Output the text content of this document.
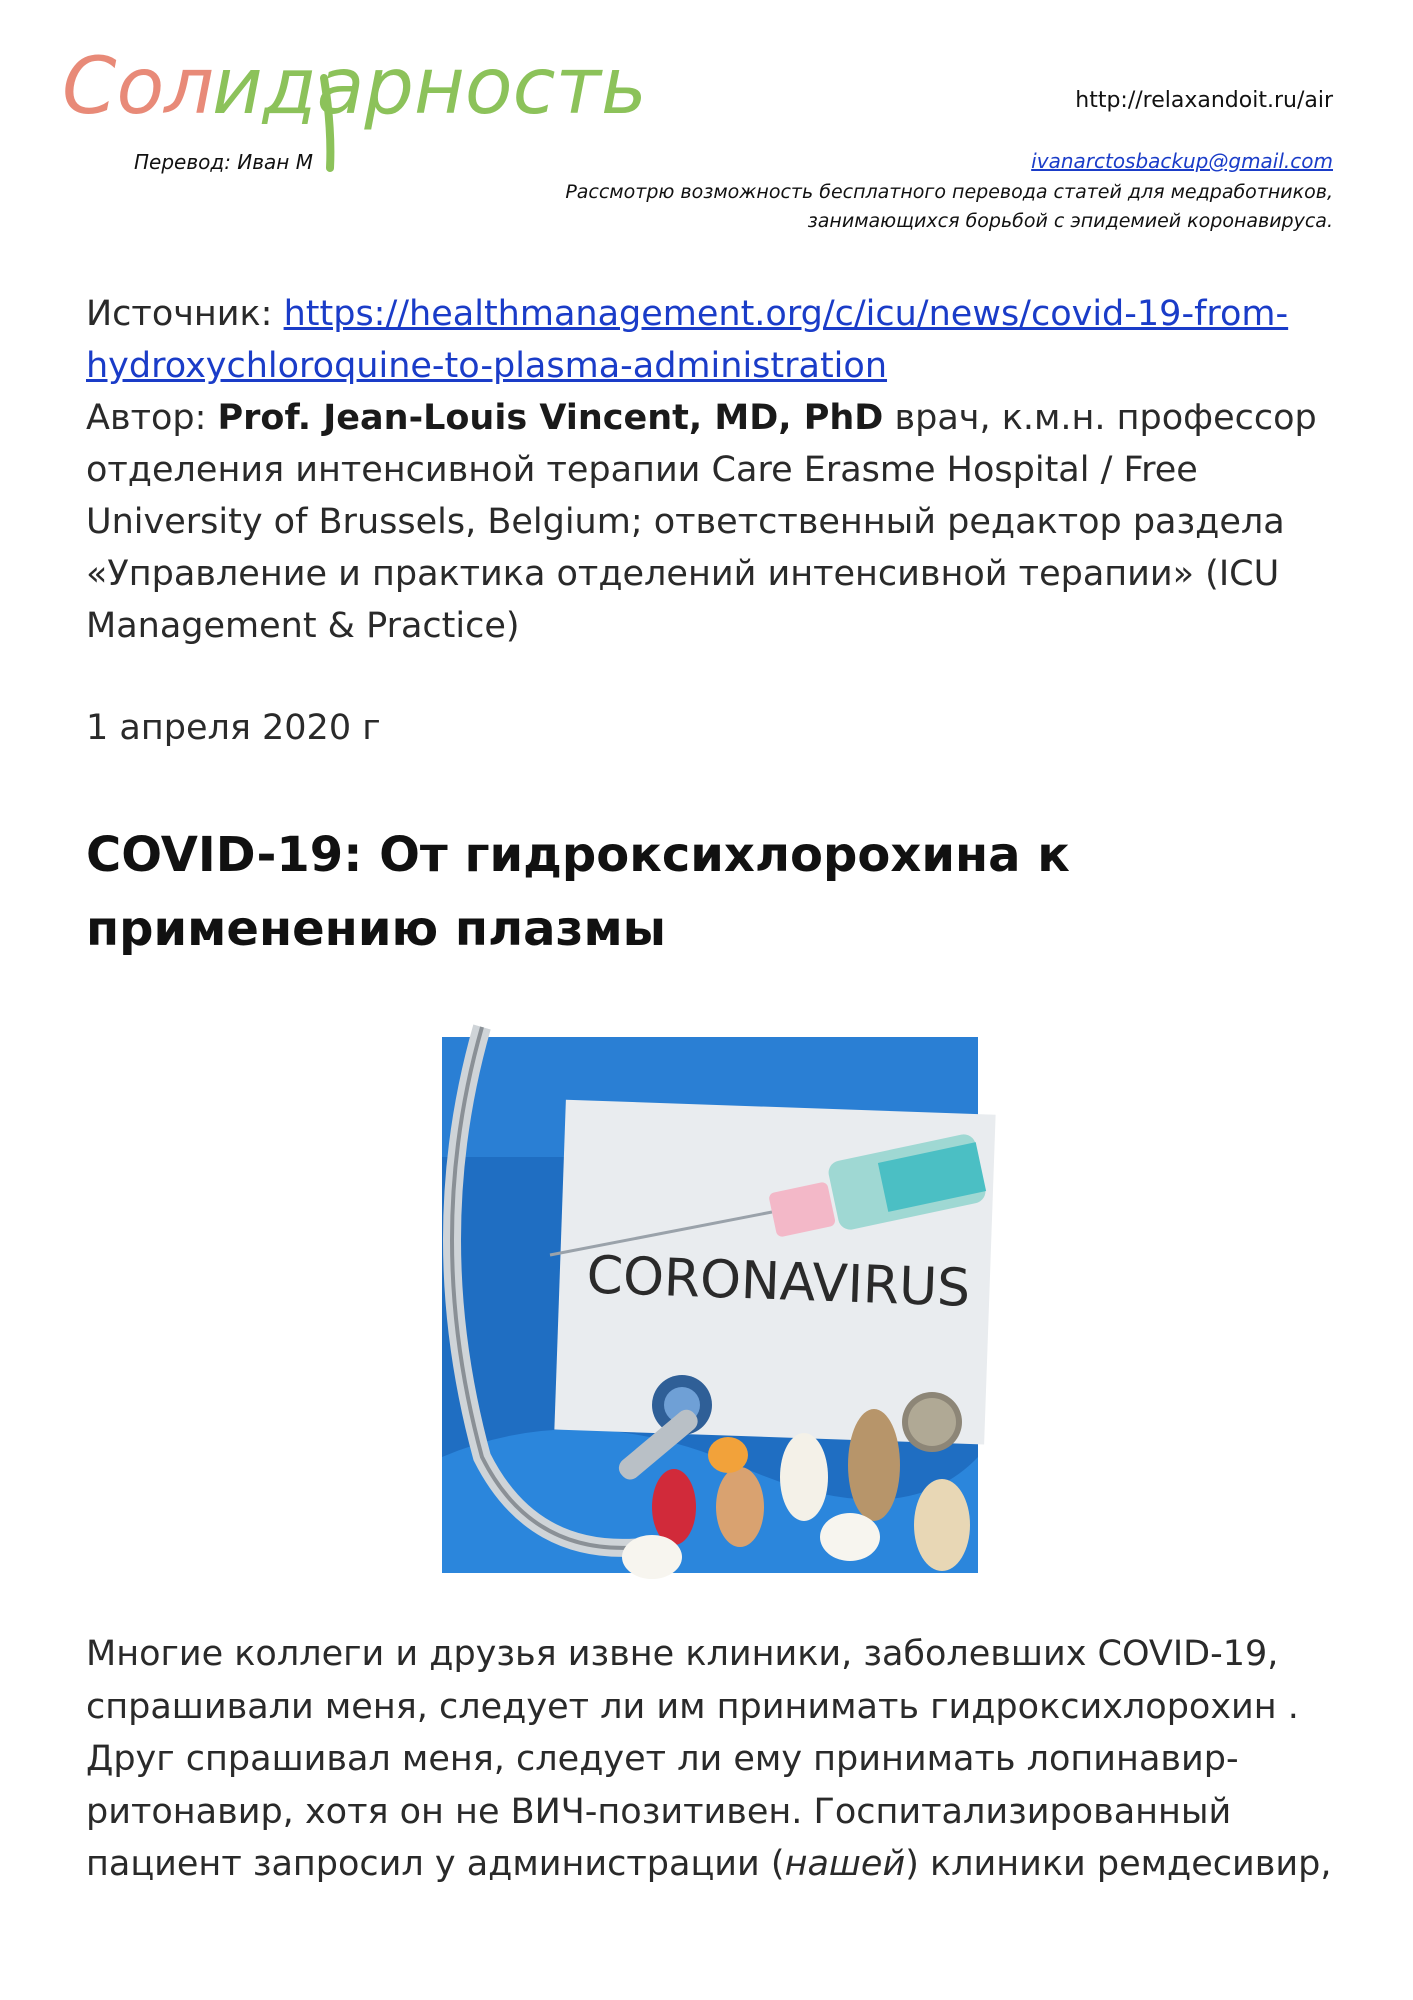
Сол
идарность
Перевод: Иван М
http://relaxandoit.ru/air
ivanarctosbackup@gmail.com
Рассмотрю возможность бесплатного перевода статей для медработников,
занимающихся борьбой с эпидемией коронавируса.
Источник: https://healthmanagement.org/c/icu/news/covid-19-from-
hydroxychloroquine-to-plasma-administration
Автор: Prof. Jean-Louis Vincent, MD, PhD врач, к.м.н. профессор отделения интенсивной терапии Care Erasme Hospital / Free University of Brussels, Belgium; ответственный редактор раздела «Управление и практика отделений интенсивной терапии» (ICU Management & Practice)
1 апреля 2020 г
COVID-19: От гидроксихлорохина к применению плазмы
CORONAVIRUS

Многие коллеги и друзья извне клиники, заболевших COVID-19, спрашивали меня, следует ли им принимать гидроксихлорохин . Друг спрашивал меня, следует ли ему принимать лопинавир-ритонавир, хотя он не ВИЧ-позитивен. Госпитализированный пациент запросил у администрации (нашей) клиники ремдесивир,
